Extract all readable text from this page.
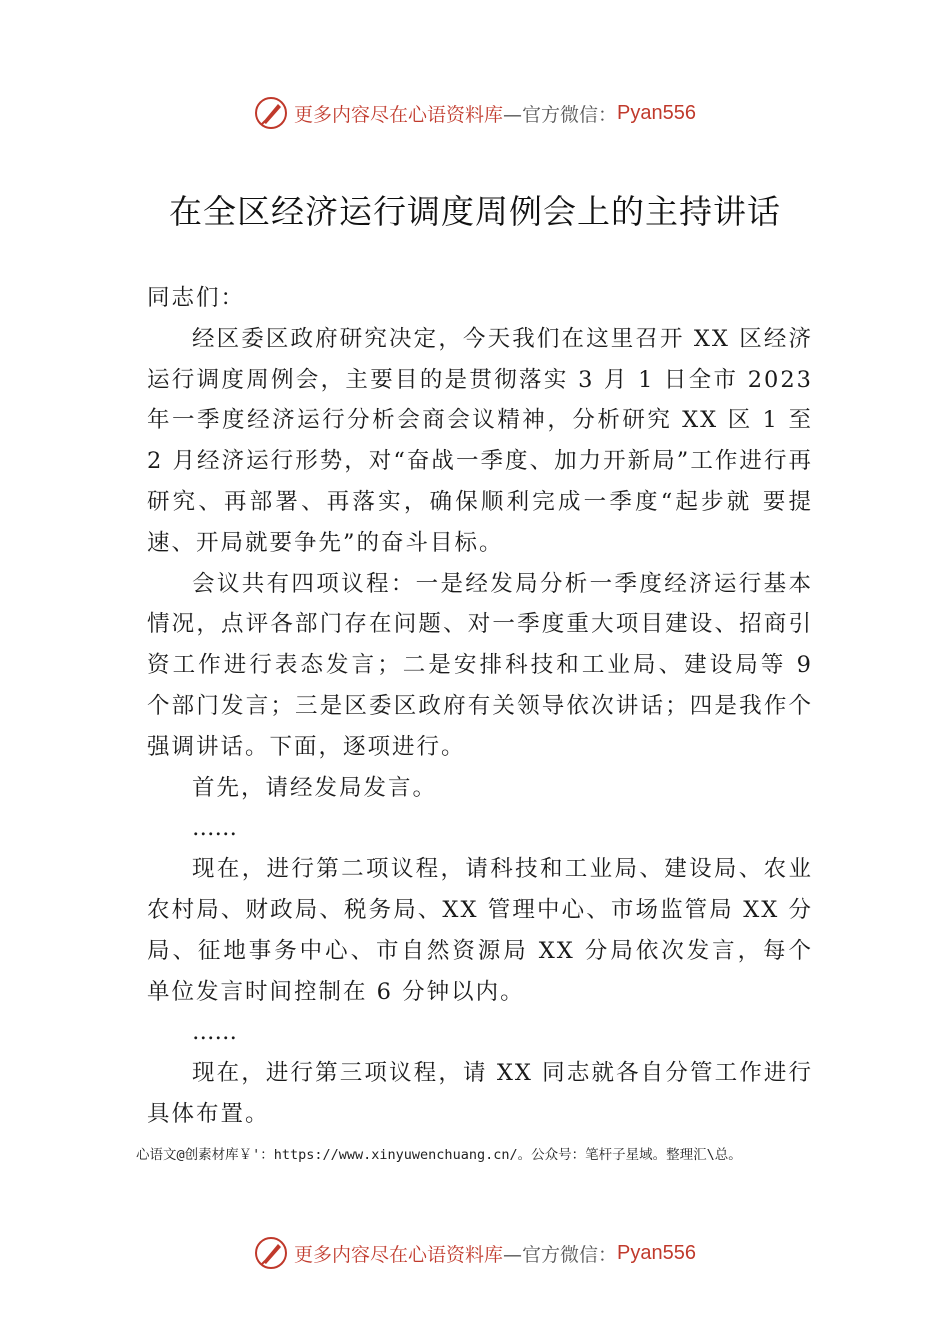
更多内容尽在心语资料库 —官方微信： Pyan556
在全区经济运行调度周例会上的主持讲话

同志们：

经区委区政府研究决定，今天我们在这里召开 XX 区经济运行调度周例会，主要目的是贯彻落实 3 月 1 日全市 2023 年一季度经济运行分析会商会议精神，分析研究 XX 区 1 至 2 月经济运行形势，对“奋战一季度、加力开新局”工作进行再研究、再部署、再落实，确保顺利完成一季度“起步就 要提速、开局就要争先”的奋斗目标。

会议共有四项议程：一是经发局分析一季度经济运行基本情况，点评各部门存在问题、对一季度重大项目建设、招商引资工作进行表态发言；二是安排科技和工业局、建设局等 9 个部门发言；三是区委区政府有关领导依次讲话；四是我作个强调讲话。下面，逐项进行。

首先，请经发局发言。

……

现在，进行第二项议程，请科技和工业局、建设局、农业农村局、财政局、税务局、XX 管理中心、市场监管局 XX 分局、征地事务中心、市自然资源局 XX 分局依次发言，每个单位发言时间控制在 6 分钟以内。

……

现在，进行第三项议程，请 XX 同志就各自分管工作进行具体布置。

心语文@创素材库￥'：https://www.xinyuwenchuang.cn/。公众号：笔杆子星域。整理汇\总。
更多内容尽在心语资料库 —官方微信： Pyan556
